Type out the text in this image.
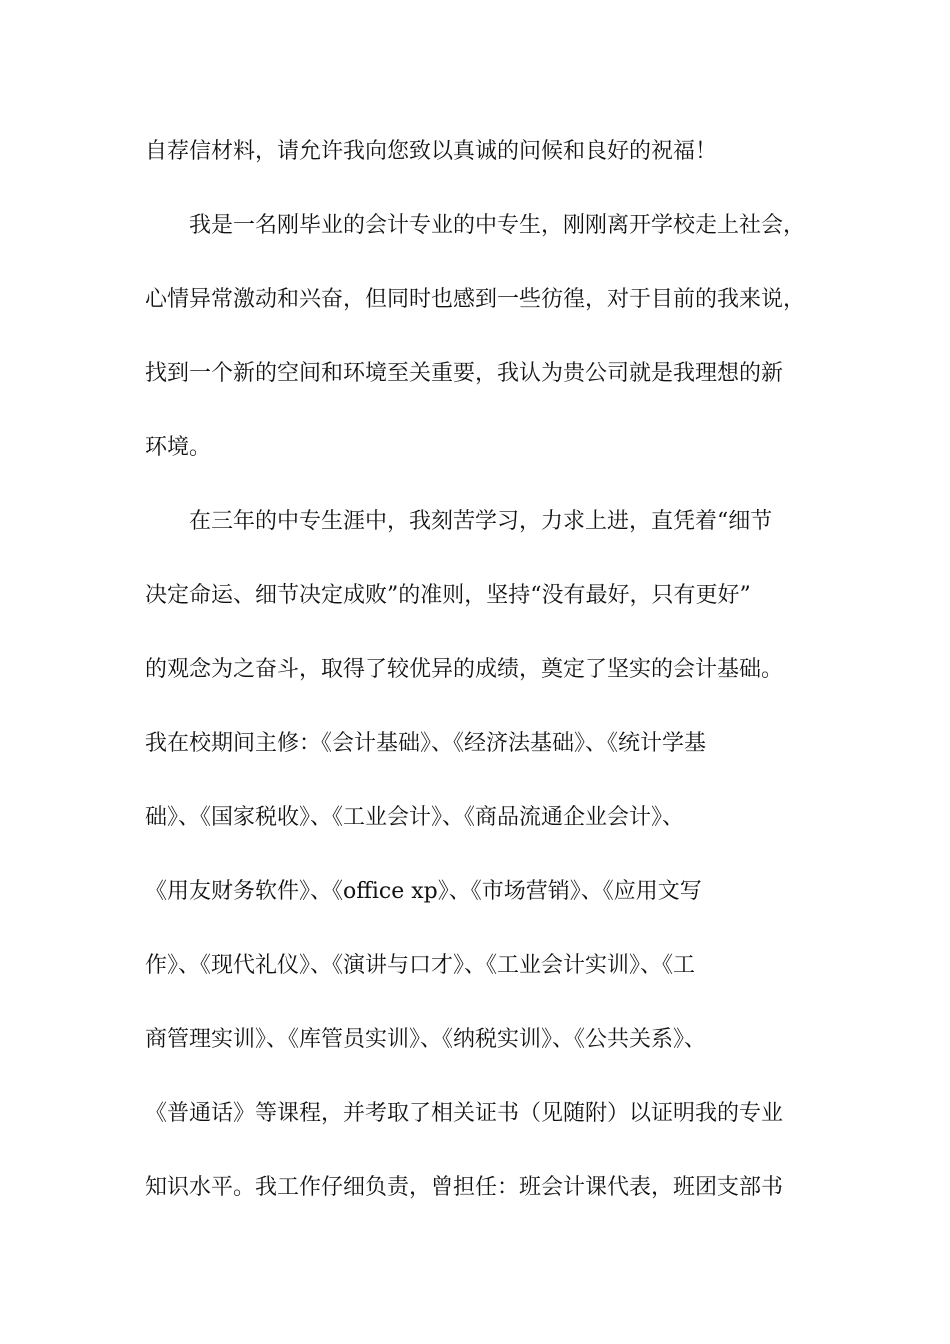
自荐信材料，请允许我向您致以真诚的问候和良好的祝福！
我是一名刚毕业的会计专业的中专生，刚刚离开学校走上社会，
心情异常激动和兴奋，但同时也感到一些彷徨，对于目前的我来说，
找到一个新的空间和环境至关重要，我认为贵公司就是我理想的新
环境。
在三年的中专生涯中，我刻苦学习，力求上进，直凭着“细节
决定命运、细节决定成败”的准则，坚持“没有最好，只有更好”
的观念为之奋斗，取得了较优异的成绩，奠定了坚实的会计基础。
我在校期间主修：《会计基础》、《经济法基础》、《统计学基
础》、《国家税收》、《工业会计》、《商品流通企业会计》、
《用友财务软件》、《office xp》、《市场营销》、《应用文写
作》、《现代礼仪》、《演讲与口才》、《工业会计实训》、《工
商管理实训》、《库管员实训》、《纳税实训》、《公共关系》、
《普通话》等课程，并考取了相关证书（见随附）以证明我的专业
知识水平。我工作仔细负责，曾担任：班会计课代表，班团支部书
